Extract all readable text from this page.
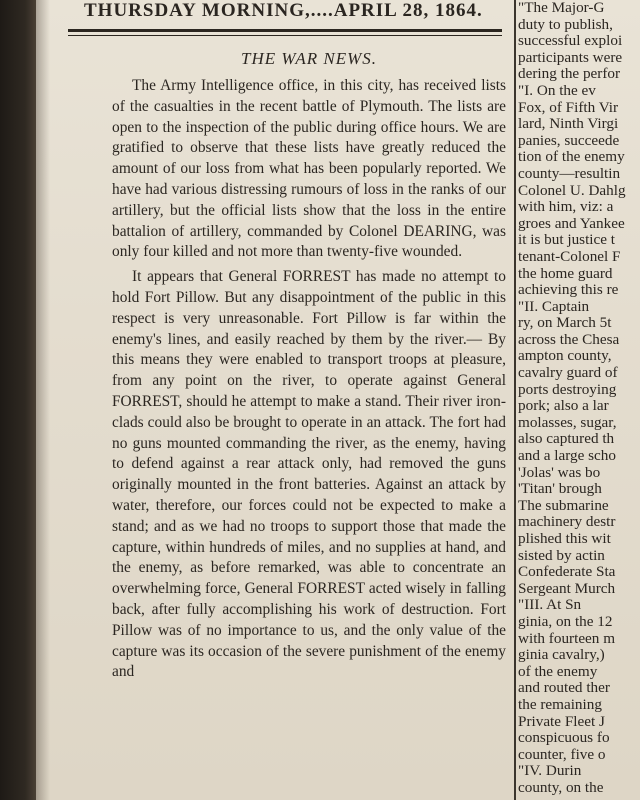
THURSDAY MORNING,....APRIL 28, 1864.
THE WAR NEWS.

The Army Intelligence office, in this city, has received lists of the casualties in the recent battle of Plymouth. The lists are open to the inspection of the public during office hours. We are gratified to observe that these lists have greatly reduced the amount of our loss from what has been popularly reported. We have had various distressing rumours of loss in the ranks of our artillery, but the official lists show that the loss in the entire battalion of artillery, commanded by Colonel DEARING, was only four killed and not more than twenty-five wounded.

It appears that General FORREST has made no attempt to hold Fort Pillow. But any disappointment of the public in this respect is very unreasonable. Fort Pillow is far within the enemy's lines, and easily reached by them by the river.— By this means they were enabled to transport troops at pleasure, from any point on the river, to operate against General FORREST, should he attempt to make a stand. Their river iron-clads could also be brought to operate in an attack. The fort had no guns mounted commanding the river, as the enemy, having to defend against a rear attack only, had removed the guns originally mounted in the front batteries. Against an attack by water, therefore, our forces could not be expected to make a stand; and as we had no troops to support those that made the capture, within hundreds of miles, and no supplies at hand, and the enemy, as before remarked, was able to concentrate an overwhelming force, General FORREST acted wisely in falling back, after fully accomplishing his work of destruction. Fort Pillow was of no importance to us, and the only value of the capture was its occasion of the severe punishment of the enemy and

"The Major-G
duty to publish,
successful exploi
participants were
dering the perfor
"I. On the ev
Fox, of Fifth Vir
lard, Ninth Virgi
panies, succeede
tion of the enemy
county—resultin
Colonel U. Dahlg
with him, viz: a
groes and Yankee
it is but justice t
tenant-Colonel F
the home guard
achieving this re
"II. Captain
ry, on March 5t
across the Chesa
ampton county,
cavalry guard of
ports destroying
pork; also a lar
molasses, sugar,
also captured th
and a large scho
'Jolas' was bo
'Titan' brough
The submarine
machinery destr
plished this wit
sisted by actin
Confederate Sta
Sergeant Murch
"III. At Sn
ginia, on the 12
with fourteen m
ginia cavalry,)
of the enemy
and routed ther
the remaining
Private Fleet J
conspicuous fo
counter, five o
"IV. Durin
county, on the
